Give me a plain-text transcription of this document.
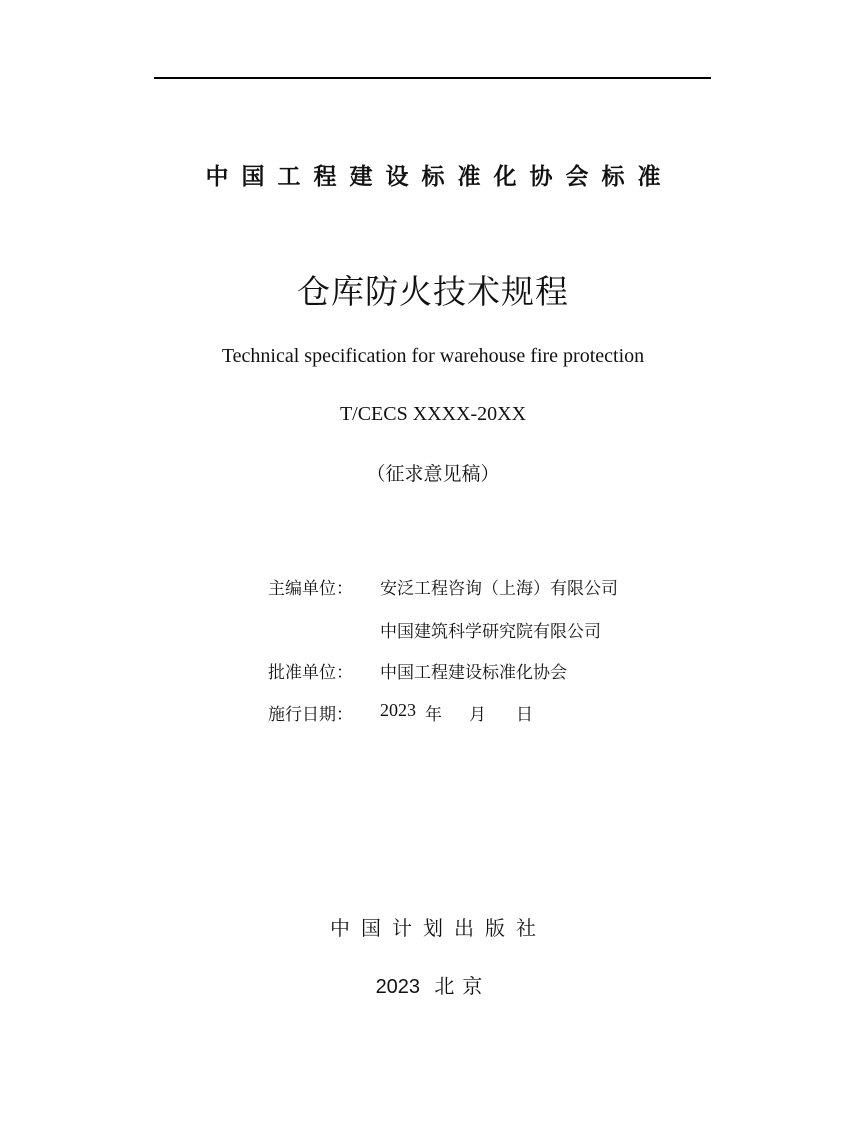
中国工程建设标准化协会标准
仓库防火技术规程
Technical specification for warehouse fire protection
T/CECS XXXX-20XX
（征求意见稿）
主编单位： 安泛工程咨询（上海）有限公司
中国建筑科学研究院有限公司
批准单位： 中国工程建设标准化协会
施行日期： 2023 年 月 日
中国计划出版社
2023 北京
